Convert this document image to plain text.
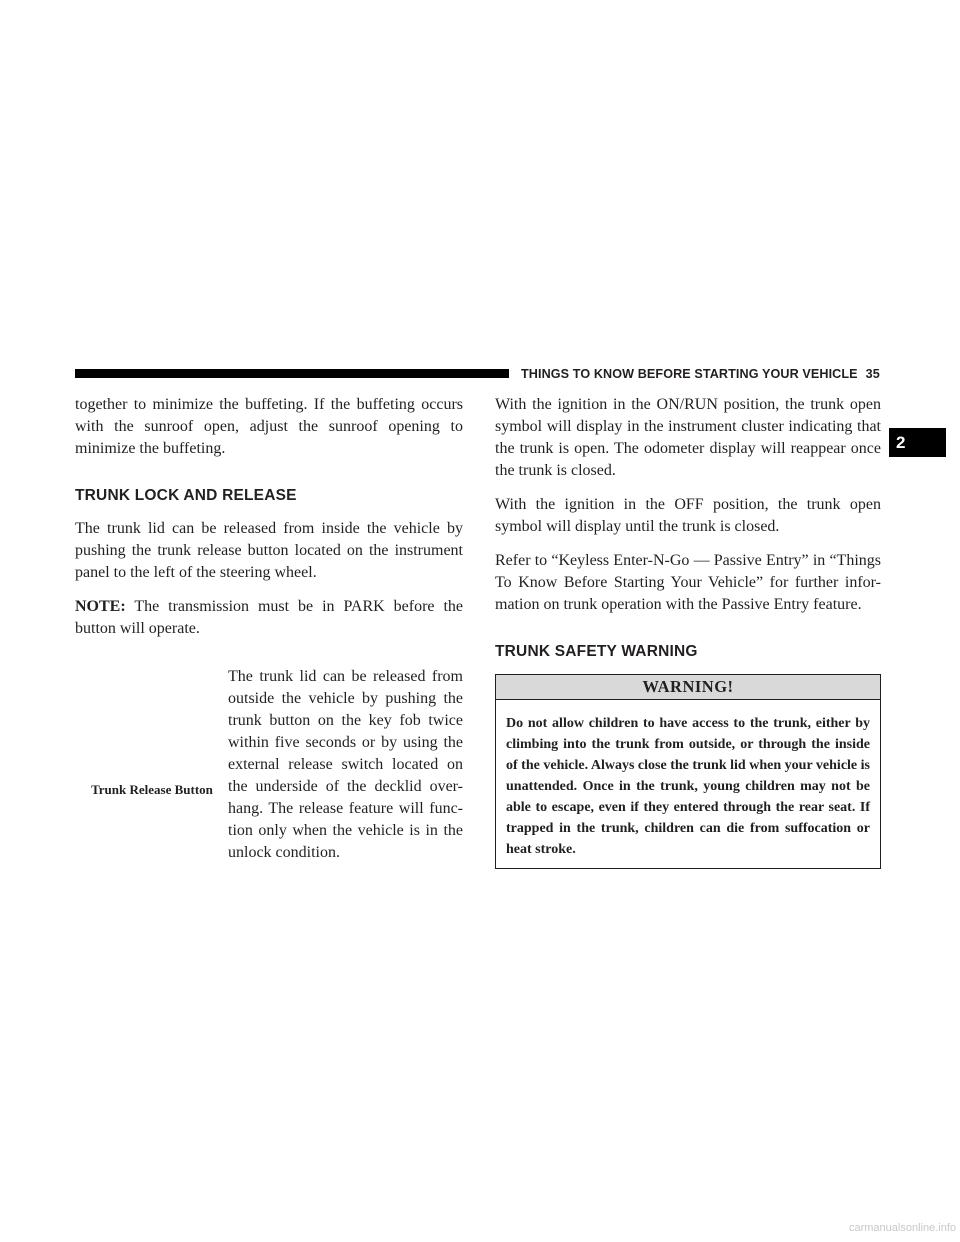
THINGS TO KNOW BEFORE STARTING YOUR VEHICLE 35
2

together to minimize the buffeting. If the buffeting occurs with the sunroof open, adjust the sunroof opening to minimize the buffeting.

TRUNK LOCK AND RELEASE

The trunk lid can be released from inside the vehicle by pushing the trunk release button located on the instrument panel to the left of the steering wheel.

NOTE: The transmission must be in PARK before the button will operate.

Trunk Release Button

The trunk lid can be released from outside the vehicle by pushing the trunk button on the key fob twice within five seconds or by using the external release switch located on the underside of the decklid over-hang. The release feature will func-tion only when the vehicle is in the unlock condition.

With the ignition in the ON/RUN position, the trunk open symbol will display in the instrument cluster indicating that the trunk is open. The odometer display will reappear once the trunk is closed.

With the ignition in the OFF position, the trunk open symbol will display until the trunk is closed.

Refer to “Keyless Enter-N-Go — Passive Entry” in “Things To Know Before Starting Your Vehicle” for further infor-mation on trunk operation with the Passive Entry feature.

TRUNK SAFETY WARNING
WARNING!
Do not allow children to have access to the trunk, either by climbing into the trunk from outside, or through the inside of the vehicle. Always close the trunk lid when your vehicle is unattended. Once in the trunk, young children may not be able to escape, even if they entered through the rear seat. If trapped in the trunk, children can die from suffocation or heat stroke.
carmanualsonline.info
